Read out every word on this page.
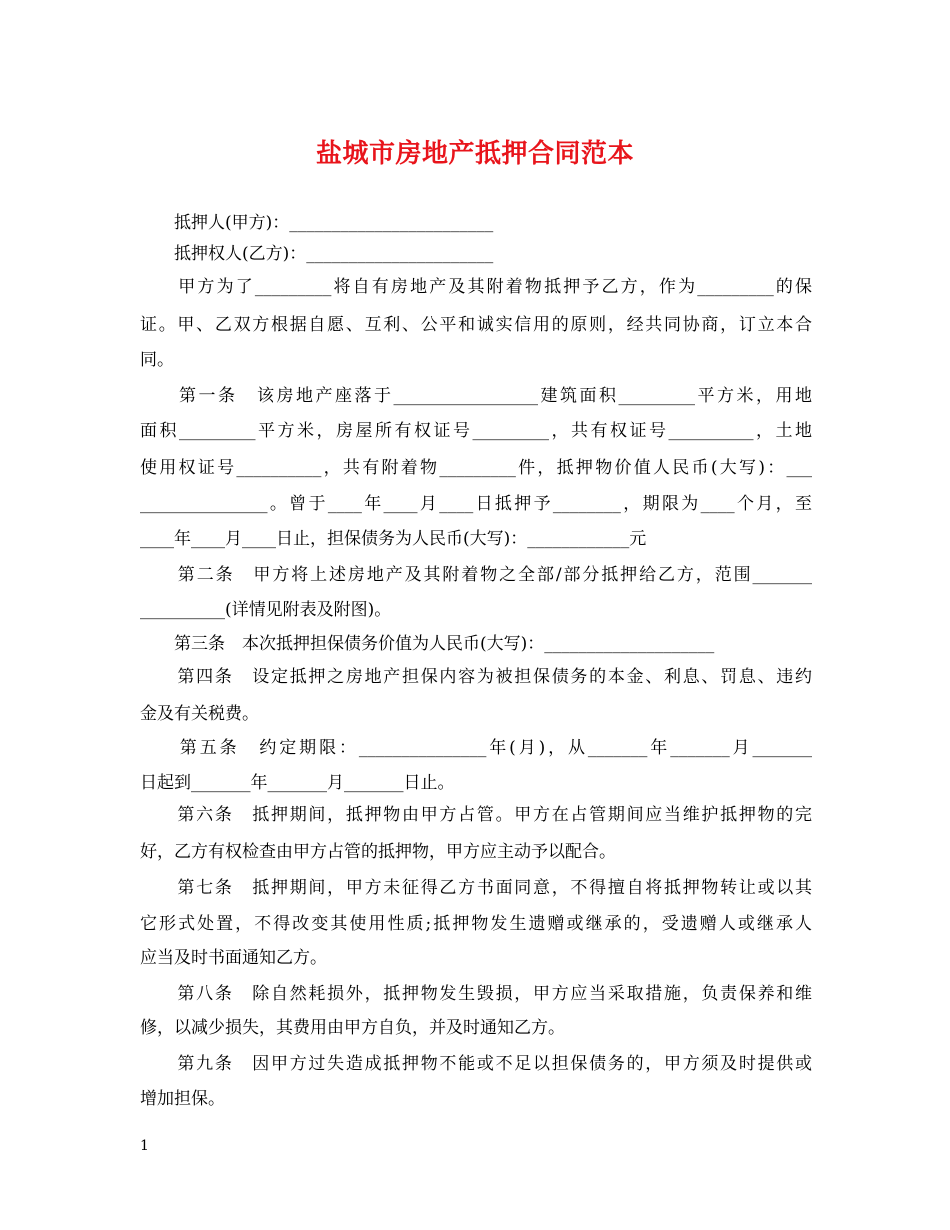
盐城市房地产抵押合同范本
　　抵押人(甲方)：________________________
　　抵押权人(乙方)：______________________
　　甲方为了_________将自有房地产及其附着物抵押予乙方，作为_________的保
证。甲、乙双方根据自愿、互利、公平和诚实信用的原则，经共同协商，订立本合
同。
　　第一条　该房地产座落于_________________建筑面积_________平方米，用地
面积_________平方米，房屋所有权证号_________，共有权证号__________，土地
使用权证号__________，共有附着物_________件，抵押物价值人民币(大写)：___
_______________。曾于____年____月____日抵押予________，期限为____个月，至
____年____月____日止，担保债务为人民币(大写)：____________元
　　第二条　甲方将上述房地产及其附着物之全部/部分抵押给乙方，范围_______
__________(详情见附表及附图)。
　　第三条　本次抵押担保债务价值为人民币(大写)：____________________
　　第四条　设定抵押之房地产担保内容为被担保债务的本金、利息、罚息、违约
金及有关税费。
　　第五条　约定期限：_______________年(月)，从_______年_______月_______
日起到_______年_______月_______日止。
　　第六条　抵押期间，抵押物由甲方占管。甲方在占管期间应当维护抵押物的完
好，乙方有权检查由甲方占管的抵押物，甲方应主动予以配合。
　　第七条　抵押期间，甲方未征得乙方书面同意，不得擅自将抵押物转让或以其
它形式处置，不得改变其使用性质;抵押物发生遗赠或继承的，受遗赠人或继承人
应当及时书面通知乙方。
　　第八条　除自然耗损外，抵押物发生毁损，甲方应当采取措施，负责保养和维
修，以减少损失，其费用由甲方自负，并及时通知乙方。
　　第九条　因甲方过失造成抵押物不能或不足以担保债务的，甲方须及时提供或
增加担保。
1
